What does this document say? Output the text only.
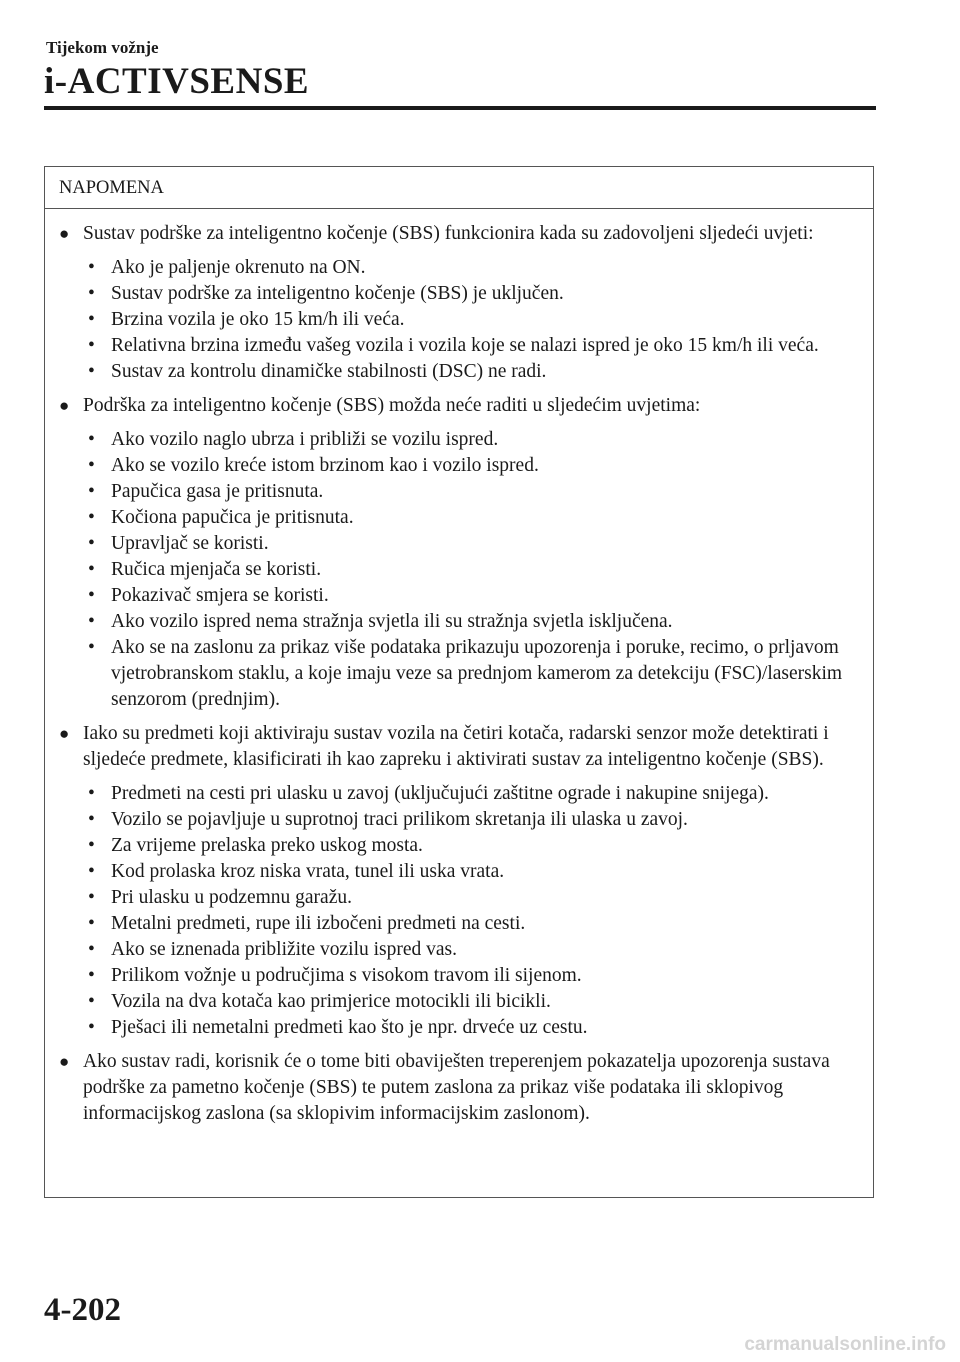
Tijekom vožnje
i-ACTIVSENSE
NAPOMENA
● Sustav podrške za inteligentno kočenje (SBS) funkcionira kada su zadovoljeni sljedeći uvjeti:
• Ako je paljenje okrenuto na ON.
• Sustav podrške za inteligentno kočenje (SBS) je uključen.
• Brzina vozila je oko 15 km/h ili veća.
• Relativna brzina između vašeg vozila i vozila koje se nalazi ispred je oko 15 km/h ili veća.
• Sustav za kontrolu dinamičke stabilnosti (DSC) ne radi.
● Podrška za inteligentno kočenje (SBS) možda neće raditi u sljedećim uvjetima:
• Ako vozilo naglo ubrza i približi se vozilu ispred.
• Ako se vozilo kreće istom brzinom kao i vozilo ispred.
• Papučica gasa je pritisnuta.
• Kočiona papučica je pritisnuta.
• Upravljač se koristi.
• Ručica mjenjača se koristi.
• Pokazivač smjera se koristi.
• Ako vozilo ispred nema stražnja svjetla ili su stražnja svjetla isključena.
• Ako se na zaslonu za prikaz više podataka prikazuju upozorenja i poruke, recimo, o prljavom vjetrobranskom staklu, a koje imaju veze sa prednjom kamerom za detekciju (FSC)/laserskim senzorom (prednjim).
● Iako su predmeti koji aktiviraju sustav vozila na četiri kotača, radarski senzor može detektirati i sljedeće predmete, klasificirati ih kao zapreku i aktivirati sustav za inteligentno kočenje (SBS).
• Predmeti na cesti pri ulasku u zavoj (uključujući zaštitne ograde i nakupine snijega).
• Vozilo se pojavljuje u suprotnoj traci prilikom skretanja ili ulaska u zavoj.
• Za vrijeme prelaska preko uskog mosta.
• Kod prolaska kroz niska vrata, tunel ili uska vrata.
• Pri ulasku u podzemnu garažu.
• Metalni predmeti, rupe ili izbočeni predmeti na cesti.
• Ako se iznenada približite vozilu ispred vas.
• Prilikom vožnje u područjima s visokom travom ili sijenom.
• Vozila na dva kotača kao primjerice motocikli ili bicikli.
• Pješaci ili nemetalni predmeti kao što je npr. drveće uz cestu.
● Ako sustav radi, korisnik će o tome biti obaviješten treperenjem pokazatelja upozorenja sustava podrške za pametno kočenje (SBS) te putem zaslona za prikaz više podataka ili sklopivog informacijskog zaslona (sa sklopivim informacijskim zaslonom).
4-202
carmanualsonline.info
